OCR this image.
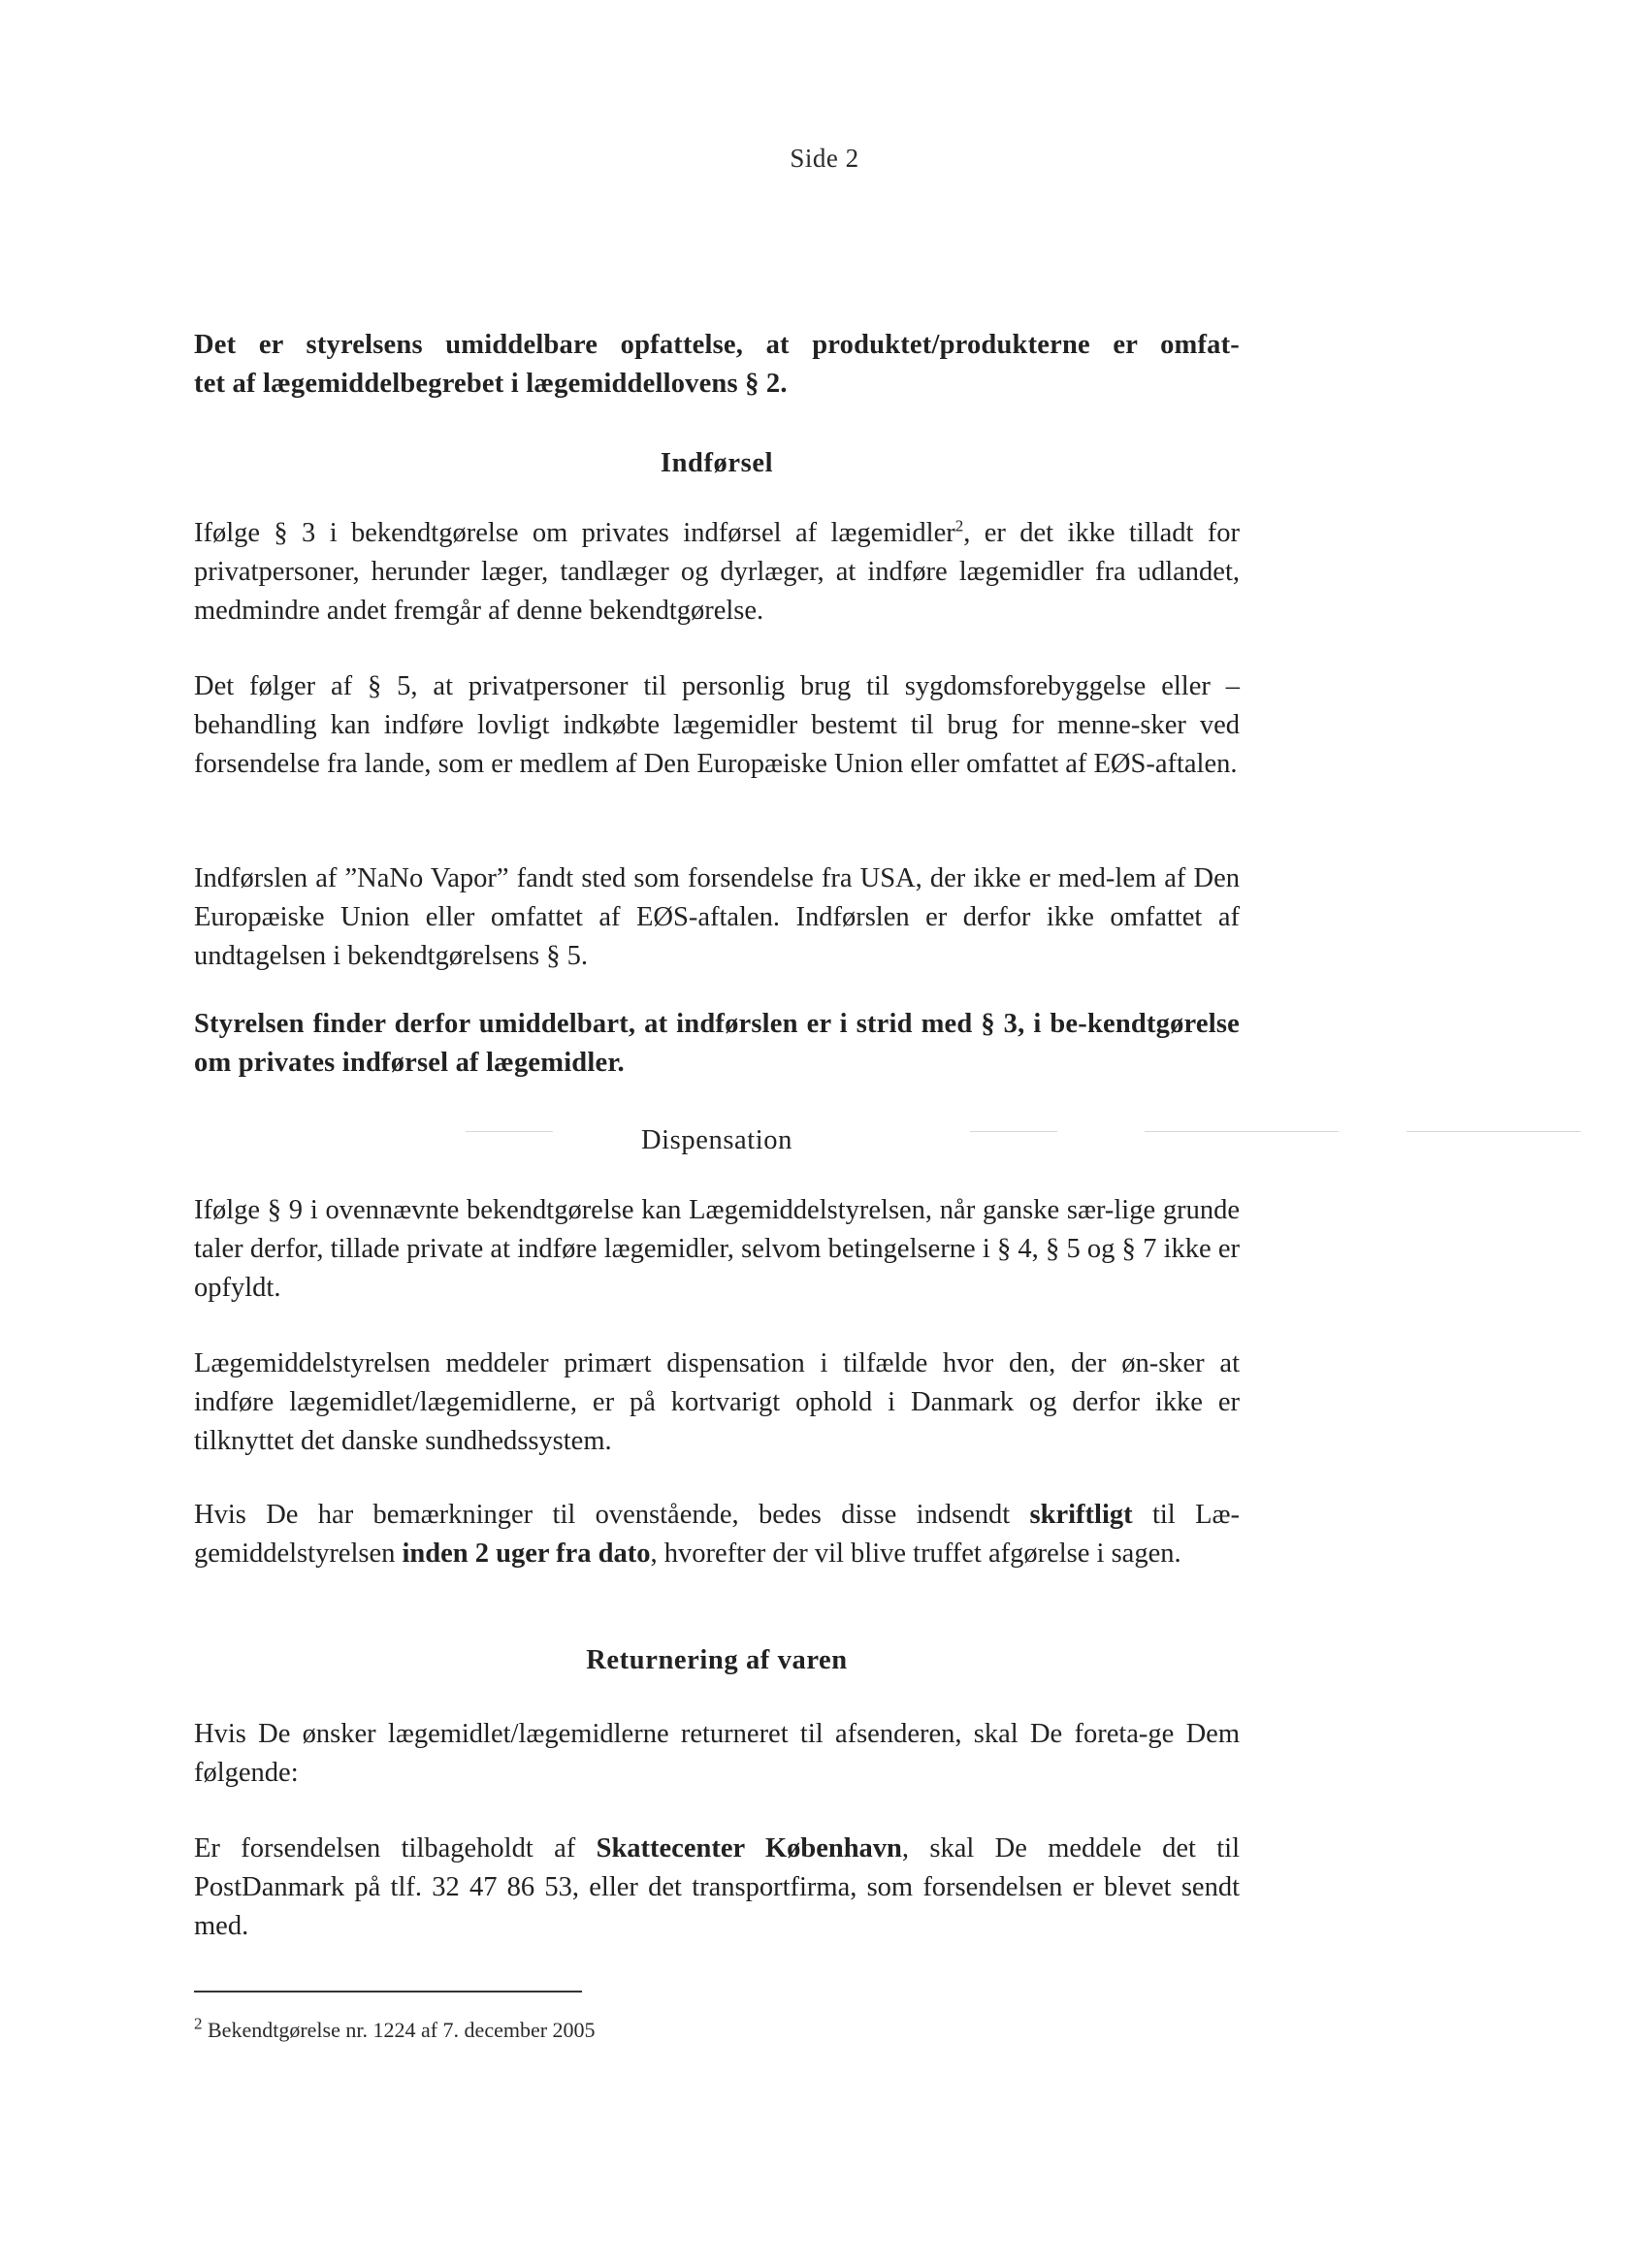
Side 2
Det er styrelsens umiddelbare opfattelse, at produktet/produkterne er omfat-
tet af lægemiddelbegrebet i lægemiddellovens § 2.
Indførsel
Ifølge § 3 i bekendtgørelse om privates indførsel af lægemidler$^2$, er det ikke tilladt for privatpersoner, herunder læger, tandlæger og dyrlæger, at indføre lægemidler fra udlandet, medmindre andet fremgår af denne bekendtgørelse.
Det følger af § 5, at privatpersoner til personlig brug til sygdomsforebyggelse eller –behandling kan indføre lovligt indkøbte lægemidler bestemt til brug for menne-sker ved forsendelse fra lande, som er medlem af Den Europæiske Union eller omfattet af EØS-aftalen.
Indførslen af ”NaNo Vapor” fandt sted som forsendelse fra USA, der ikke er med-lem af Den Europæiske Union eller omfattet af EØS-aftalen. Indførslen er derfor ikke omfattet af undtagelsen i bekendtgørelsens § 5.
Styrelsen finder derfor umiddelbart, at indførslen er i strid med § 3, i be-kendtgørelse om privates indførsel af lægemidler.
Dispensation
Ifølge § 9 i ovennævnte bekendtgørelse kan Lægemiddelstyrelsen, når ganske sær-lige grunde taler derfor, tillade private at indføre lægemidler, selvom betingelserne i § 4, § 5 og § 7 ikke er opfyldt.
Lægemiddelstyrelsen meddeler primært dispensation i tilfælde hvor den, der øn-sker at indføre lægemidlet/lægemidlerne, er på kortvarigt ophold i Danmark og derfor ikke er tilknyttet det danske sundhedssystem.
Hvis De har bemærkninger til ovenstående, bedes disse indsendt skriftligt til Læ-gemiddelstyrelsen inden 2 uger fra dato, hvorefter der vil blive truffet afgørelse i sagen.
Returnering af varen
Hvis De ønsker lægemidlet/lægemidlerne returneret til afsenderen, skal De foreta-ge Dem følgende:
Er forsendelsen tilbageholdt af Skattecenter København, skal De meddele det til PostDanmark på tlf. 32 47 86 53, eller det transportfirma, som forsendelsen er blevet sendt med.
$^2$ Bekendtgørelse nr. 1224 af 7. december 2005
